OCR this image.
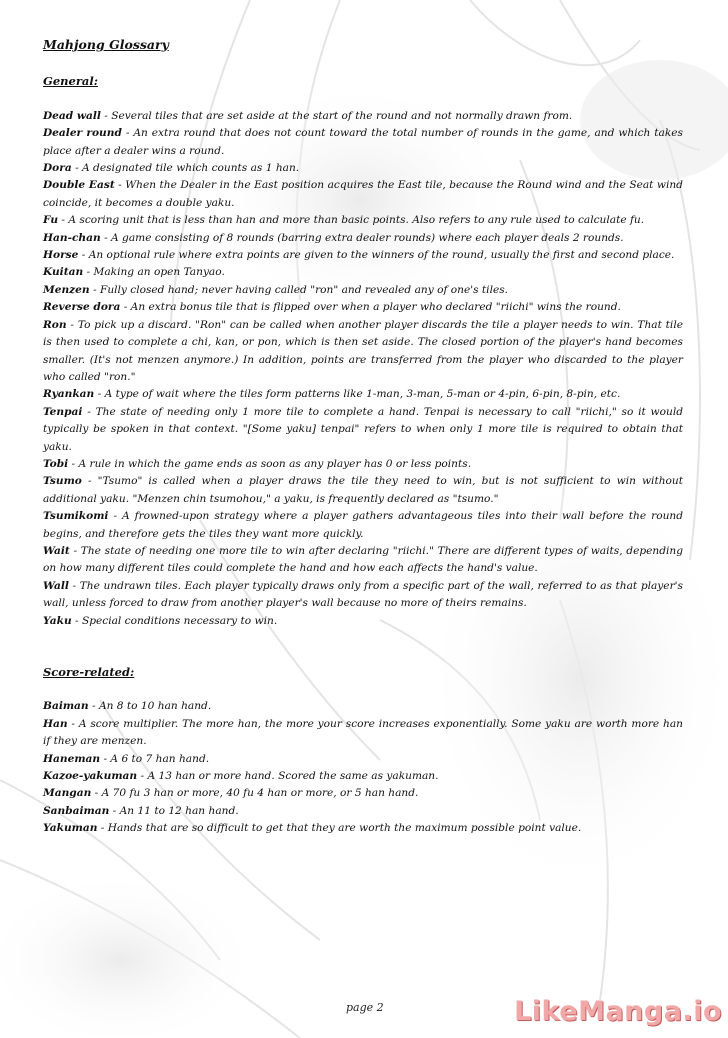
Mahjong Glossary
General:

Dead wall - Several tiles that are set aside at the start of the round and not normally drawn from.

Dealer round - An extra round that does not count toward the total number of rounds in the game, and which takes place after a dealer wins a round.

Dora - A designated tile which counts as 1 han.

Double East - When the Dealer in the East position acquires the East tile, because the Round wind and the Seat wind coincide, it becomes a double yaku.

Fu - A scoring unit that is less than han and more than basic points. Also refers to any rule used to calculate fu.

Han-chan - A game consisting of 8 rounds (barring extra dealer rounds) where each player deals 2 rounds.

Horse - An optional rule where extra points are given to the winners of the round, usually the first and second place.

Kuitan - Making an open Tanyao.

Menzen - Fully closed hand; never having called "ron" and revealed any of one's tiles.

Reverse dora - An extra bonus tile that is flipped over when a player who declared "riichi" wins the round.

Ron - To pick up a discard. "Ron" can be called when another player discards the tile a player needs to win. That tile is then used to complete a chi, kan, or pon, which is then set aside. The closed portion of the player's hand becomes smaller. (It's not menzen anymore.) In addition, points are transferred from the player who discarded to the player who called "ron."

Ryankan - A type of wait where the tiles form patterns like 1-man, 3-man, 5-man or 4-pin, 6-pin, 8-pin, etc.

Tenpai - The state of needing only 1 more tile to complete a hand. Tenpai is necessary to call "riichi," so it would typically be spoken in that context. "[Some yaku] tenpai" refers to when only 1 more tile is required to obtain that yaku.

Tobi - A rule in which the game ends as soon as any player has 0 or less points.

Tsumo - "Tsumo" is called when a player draws the tile they need to win, but is not sufficient to win without additional yaku. "Menzen chin tsumohou," a yaku, is frequently declared as "tsumo."

Tsumikomi - A frowned-upon strategy where a player gathers advantageous tiles into their wall before the round begins, and therefore gets the tiles they want more quickly.

Wait - The state of needing one more tile to win after declaring "riichi." There are different types of waits, depending on how many different tiles could complete the hand and how each affects the hand's value.

Wall - The undrawn tiles. Each player typically draws only from a specific part of the wall, referred to as that player's wall, unless forced to draw from another player's wall because no more of theirs remains.

Yaku - Special conditions necessary to win.

Score-related:

Baiman - An 8 to 10 han hand.

Han - A score multiplier. The more han, the more your score increases exponentially. Some yaku are worth more han if they are menzen.

Haneman - A 6 to 7 han hand.

Kazoe-yakuman - A 13 han or more hand. Scored the same as yakuman.

Mangan - A 70 fu 3 han or more, 40 fu 4 han or more, or 5 han hand.

Sanbaiman - An 11 to 12 han hand.

Yakuman - Hands that are so difficult to get that they are worth the maximum possible point value.

page 2	LikeManga.io
